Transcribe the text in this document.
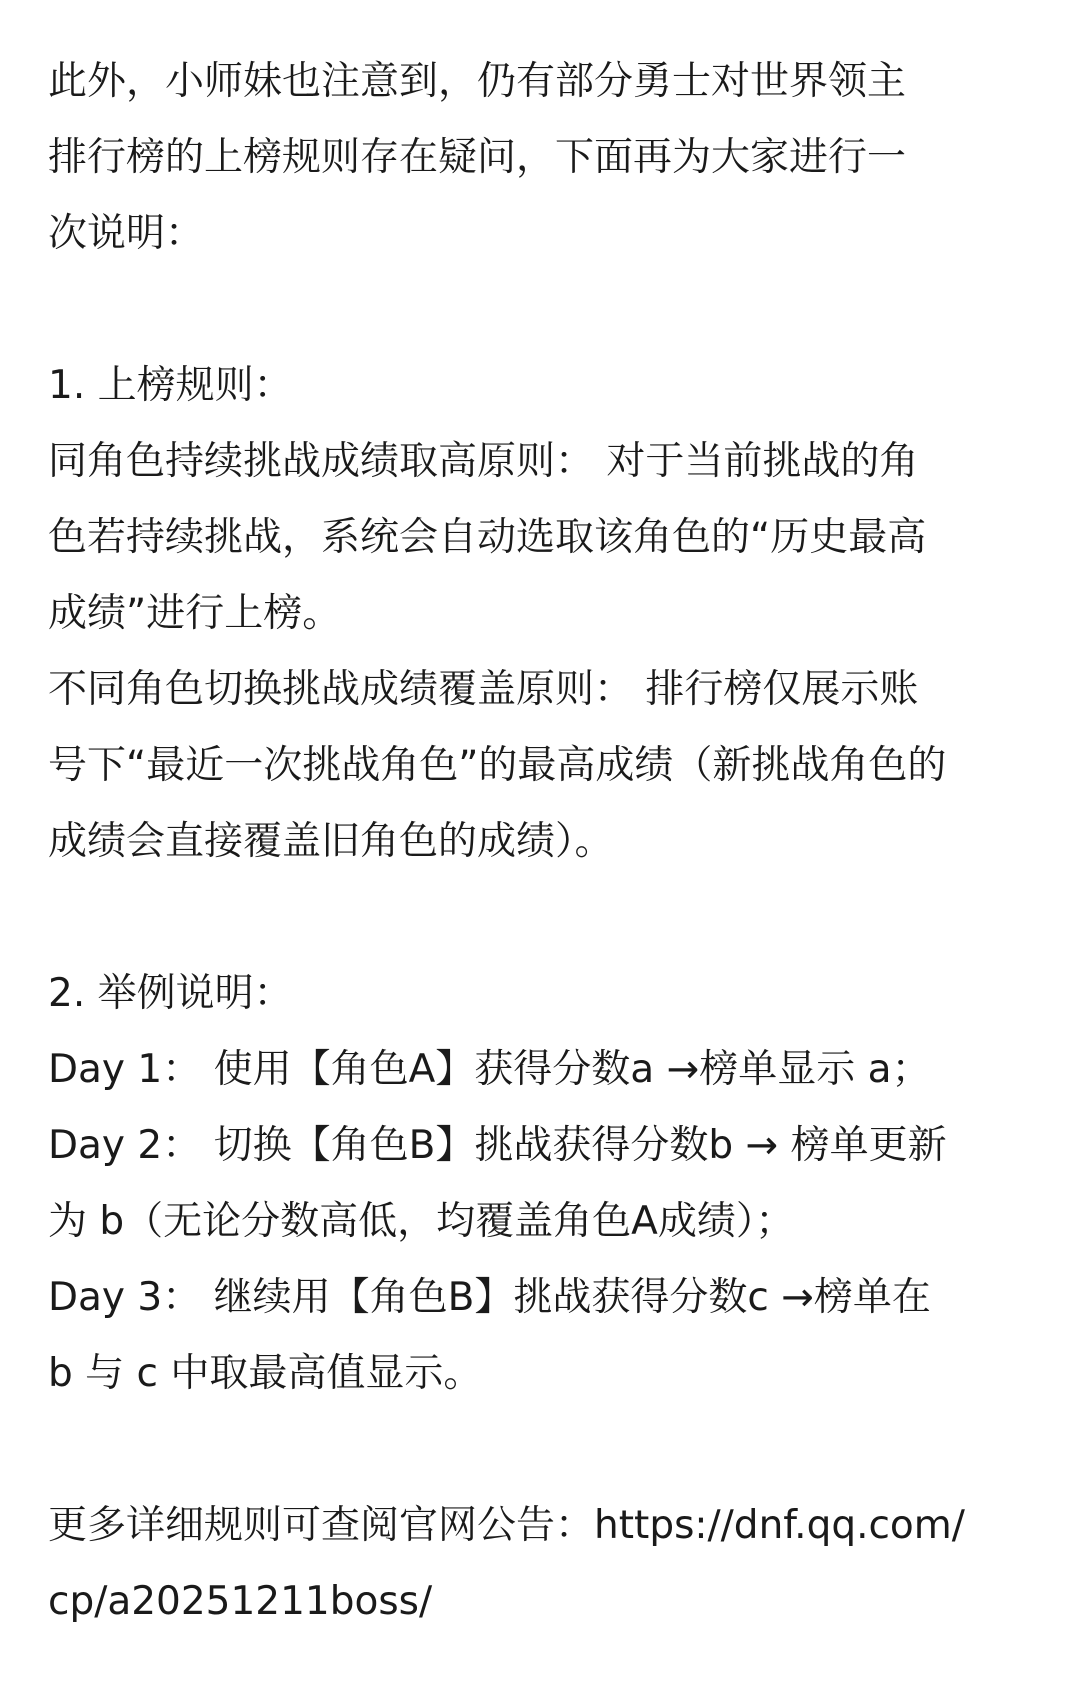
此外，小师妹也注意到，仍有部分勇士对世界领主
排行榜的上榜规则存在疑问，下面再为大家进行一
次说明：
1. 上榜规则：
同角色持续挑战成绩取高原则： 对于当前挑战的角
色若持续挑战，系统会自动选取该角色的“历史最高
成绩”进行上榜。
不同角色切换挑战成绩覆盖原则： 排行榜仅展示账
号下“最近一次挑战角色”的最高成绩（新挑战角色的
成绩会直接覆盖旧角色的成绩）。
2. 举例说明：
Day 1： 使用【角色A】获得分数a →榜单显示 a；
Day 2： 切换【角色B】挑战获得分数b → 榜单更新
为 b（无论分数高低，均覆盖角色A成绩）；
Day 3： 继续用【角色B】挑战获得分数c →榜单在
b 与 c 中取最高值显示。
更多详细规则可查阅官网公告：https://dnf.qq.com/
cp/a20251211boss/
